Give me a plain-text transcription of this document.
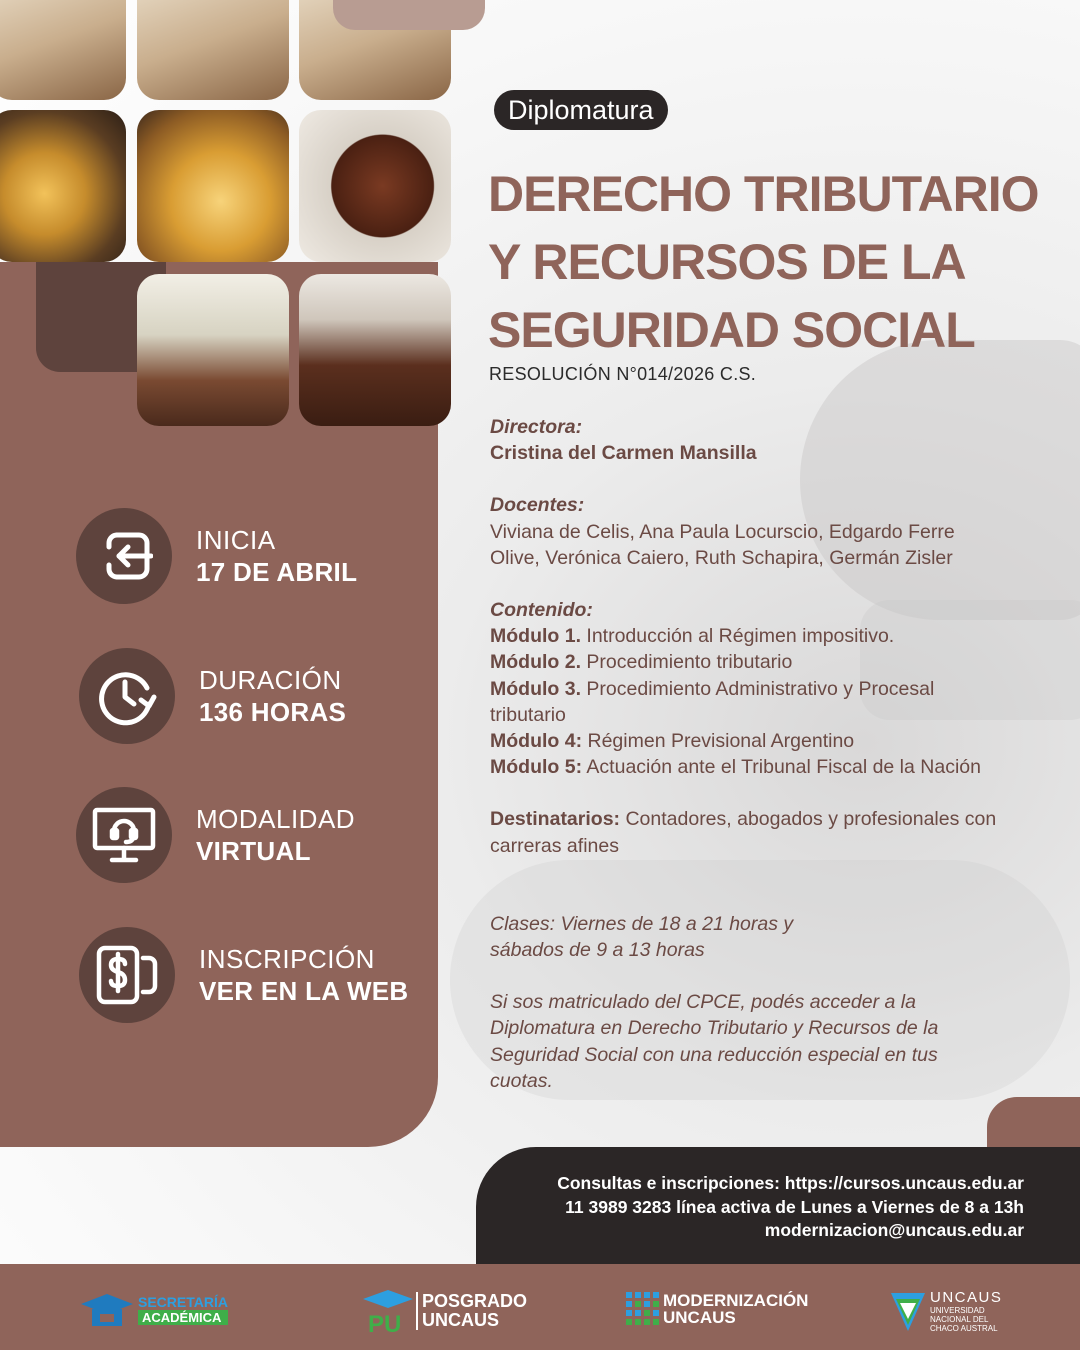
INICIA
17 DE ABRIL
DURACIÓN
136 HORAS
MODALIDAD
VIRTUAL
INSCRIPCIÓN
VER EN LA WEB
Diplomatura
DERECHO TRIBUTARIO
Y RECURSOS DE LA
SEGURIDAD SOCIAL
RESOLUCIÓN N°014/2026 C.S.

Directora:

Cristina del Carmen Mansilla

Docentes:

Viviana de Celis, Ana Paula Locurscio, Edgardo Ferre

Olive, Verónica Caiero, Ruth Schapira, Germán Zisler

Contenido:

Módulo 1. Introducción al Régimen impositivo.

Módulo 2. Procedimiento tributario

Módulo 3. Procedimiento Administrativo y Procesal

tributario

Módulo 4: Régimen Previsional Argentino

Módulo 5: Actuación ante el Tribunal Fiscal de la Nación

Destinatarios: Contadores, abogados y profesionales con

carreras afines

Clases: Viernes de 18 a 21 horas y

sábados de 9 a 13 horas

Si sos matriculado del CPCE, podés acceder a la

Diplomatura en Derecho Tributario y Recursos de la

Seguridad Social con una reducción especial en tus

cuotas.

Consultas e inscripciones: https://cursos.uncaus.edu.ar
11 3989 3283 línea activa de Lunes a Viernes de 8 a 13h
modernizacion@uncaus.edu.ar
SECRETARÍA
ACADÉMICA	PU
POSGRADO
UNCAUS
MODERNIZACIÓN
UNCAUS
UNCAUS
UNIVERSIDAD
NACIONAL DEL
CHACO AUSTRAL
